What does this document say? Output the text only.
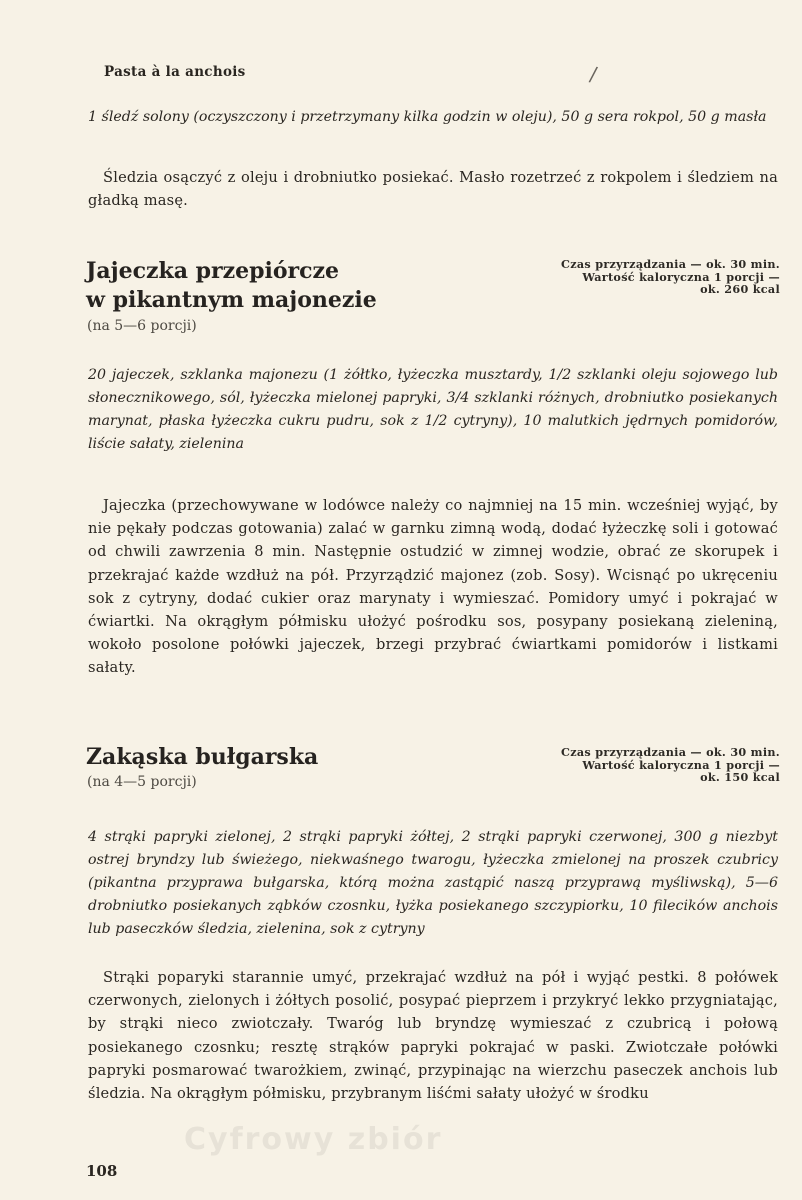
Pasta à la anchois	/
1 śledź solony (oczyszczony i przetrzymany kilka godzin w oleju), 50 g sera rokpol, 50 g masła
Śledzia osączyć z oleju i drobniutko posiekać. Masło rozetrzeć z rokpolem i śledziem na gładką masę.
Jajeczka przepiórcze
w pikantnym majonezie
(na 5—6 porcji)
Czas przyrządzania — ok. 30 min.
Wartość kaloryczna 1 porcji —
ok. 260 kcal
20 jajeczek, szklanka majonezu (1 żółtko, łyżeczka musztardy, 1/2 szklanki oleju sojowego lub słonecznikowego, sól, łyżeczka mielonej papryki, 3/4 szklanki różnych, drobniutko posiekanych marynat, płaska łyżeczka cukru pudru, sok z 1/2 cytryny), 10 malutkich jędrnych pomidorów, liście sałaty, zielenina
Jajeczka (przechowywane w lodówce należy co najmniej na 15 min. wcześniej wyjąć, by nie pękały podczas gotowania) zalać w garnku zimną wodą, dodać łyżeczkę soli i gotować od chwili zawrzenia 8 min. Następnie ostudzić w zimnej wodzie, obrać ze skorupek i przekrajać każde wzdłuż na pół. Przyrządzić majonez (zob. Sosy). Wcisnąć po ukręceniu sok z cytryny, dodać cukier oraz marynaty i wymieszać. Pomidory umyć i pokrajać w ćwiartki. Na okrągłym półmisku ułożyć pośrodku sos, posypany posiekaną zieleniną, wokoło posolone połówki jajeczek, brzegi przybrać ćwiartkami pomidorów i listkami sałaty.
Zakąska bułgarska
(na 4—5 porcji)
Czas przyrządzania — ok. 30 min.
Wartość kaloryczna 1 porcji —
ok. 150 kcal
4 strąki papryki zielonej, 2 strąki papryki żółtej, 2 strąki papryki czerwonej, 300 g niezbyt ostrej bryndzy lub świeżego, niekwaśnego twarogu, łyżeczka zmielonej na proszek czubricy (pikantna przyprawa bułgarska, którą można zastąpić naszą przyprawą myśliwską), 5—6 drobniutko posiekanych ząbków czosnku, łyżka posiekanego szczypiorku, 10 filecików anchois lub paseczków śledzia, zielenina, sok z cytryny
Strąki poparyki starannie umyć, przekrajać wzdłuż na pół i wyjąć pestki. 8 połówek czerwonych, zielonych i żółtych posolić, posypać pieprzem i przykryć lekko przygniatając, by strąki nieco zwiotczały. Twaróg lub bryndzę wymieszać z czubricą i połową posiekanego czosnku; resztę strąków papryki pokrajać w paski. Zwiotczałe połówki papryki posmarować twarożkiem, zwinąć, przypinając na wierzchu paseczek anchois lub śledzia. Na okrągłym półmisku, przybranym liśćmi sałaty ułożyć w środku
Cyfrowy zbiór
108
